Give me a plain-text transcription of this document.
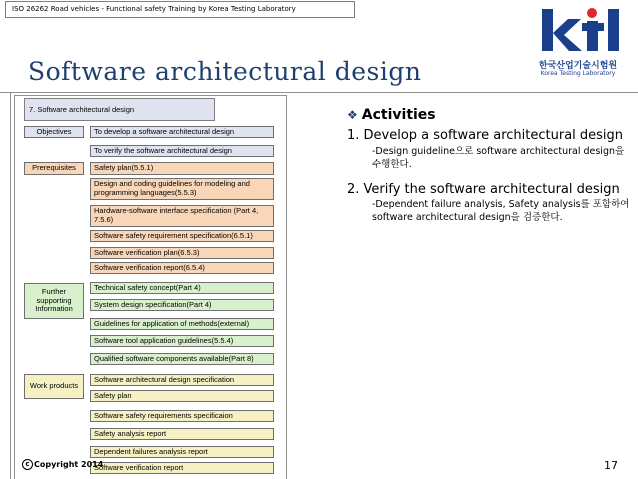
ISO 26262 Road vehicles - Functional safety Training by Korea Testing Laboratory
한국산업기술시험원
Korea Testing Laboratory
Software architectural design
7. Software architectural design
Objectives
Prerequisites
Further supporting Information
Work products
To develop a software architectural design
To verify the software architectural design
Safety plan(5.5.1)
Design and coding guidelines for modeling and programming languages(5.5.3)
Hardware-software interface specification (Part 4, 7.5.6)
Software safety requirement specification(6.5.1)
Software verification plan(6.5.3)
Software verification report(6.5.4)
Technical safety concept(Part 4)
System design specification(Part 4)
Guidelines for application of methods(external)
Software tool application guidelines(5.5.4)
Qualified software components available(Part 8)
Software architectural design specification
Safety plan
Software safety requirements specificaion
Safety analysis report
Dependent failures analysis report
Software verification report
❖ Activities
1. Develop a software architectural design
-Design guideline으로 software architectural design을 수행한다.
2. Verify the software architectural design
-Dependent failure analysis, Safety analysis를 포함하여 software architectural design을 검증한다.
c Copyright 2014	17
